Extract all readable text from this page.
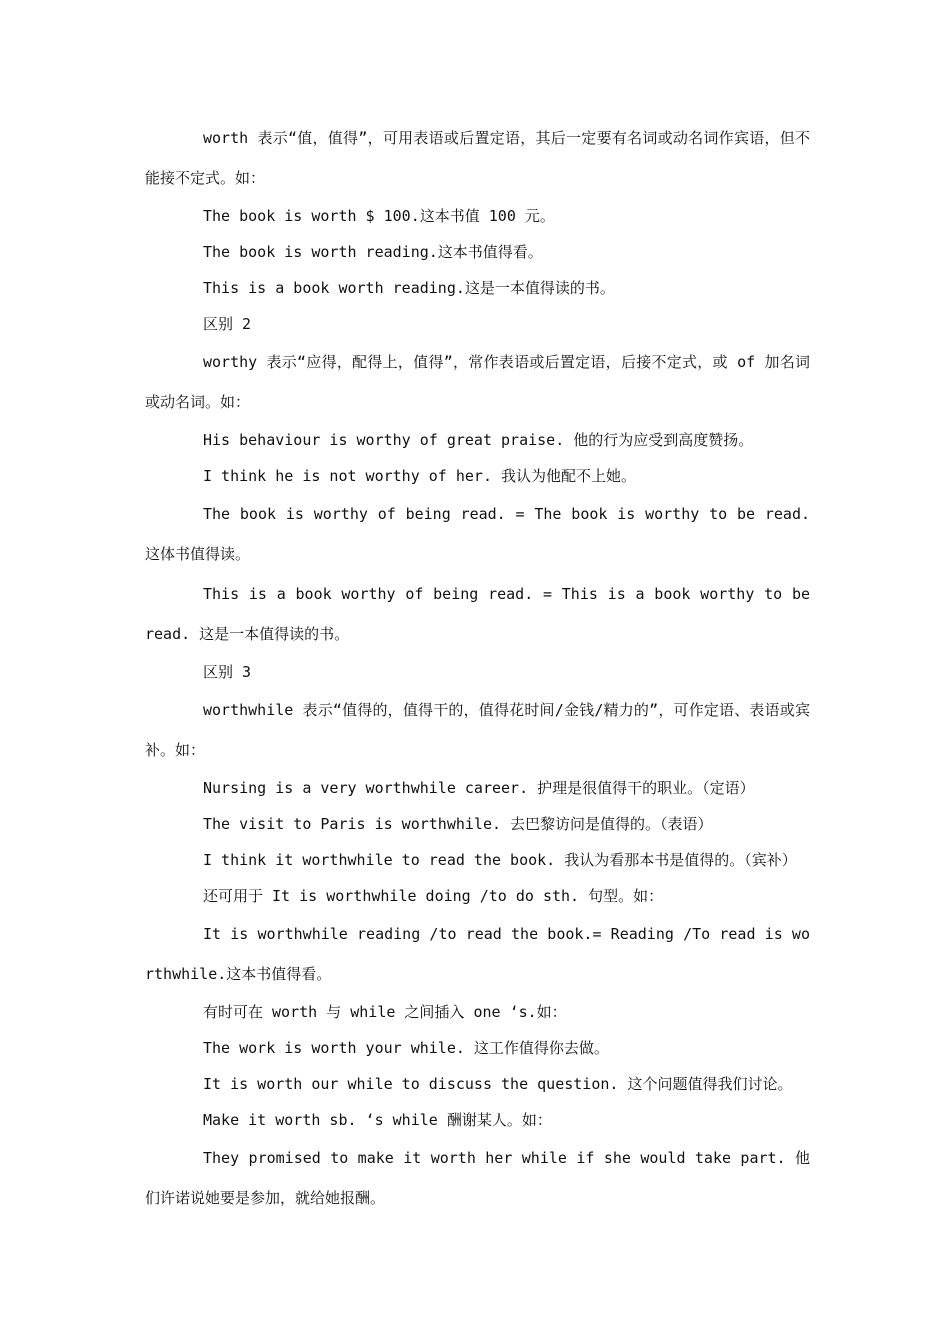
worth 表示“值，值得”，可用表语或后置定语，其后一定要有名词或动名词作宾语，但不能接不定式。如：
The book is worth $ 100.这本书值 100 元。
The book is worth reading.这本书值得看。
This is a book worth reading.这是一本值得读的书。
区别 2
worthy 表示“应得，配得上，值得”，常作表语或后置定语，后接不定式，或 of 加名词或动名词。如：
His behaviour is worthy of great praise. 他的行为应受到高度赞扬。
I think he is not worthy of her. 我认为他配不上她。
The book is worthy of being read. = The book is worthy to be read.这体书值得读。
This is a book worthy of being read. = This is a book worthy to be read. 这是一本值得读的书。
区别 3
worthwhile 表示“值得的，值得干的，值得花时间/金钱/精力的”，可作定语、表语或宾补。如：
Nursing is a very worthwhile career. 护理是很值得干的职业。（定语）
The visit to Paris is worthwhile. 去巴黎访问是值得的。（表语）
I think it worthwhile to read the book. 我认为看那本书是值得的。（宾补）
还可用于 It is worthwhile doing /to do sth. 句型。如：
It is worthwhile reading /to read the book.= Reading /To read is worthwhile.这本书值得看。
有时可在 worth 与 while 之间插入 one ‘s.如：
The work is worth your while. 这工作值得你去做。
It is worth our while to discuss the question. 这个问题值得我们讨论。
Make it worth sb. ‘s while 酬谢某人。如：
They promised to make it worth her while if she would take part. 他们许诺说她要是参加，就给她报酬。
